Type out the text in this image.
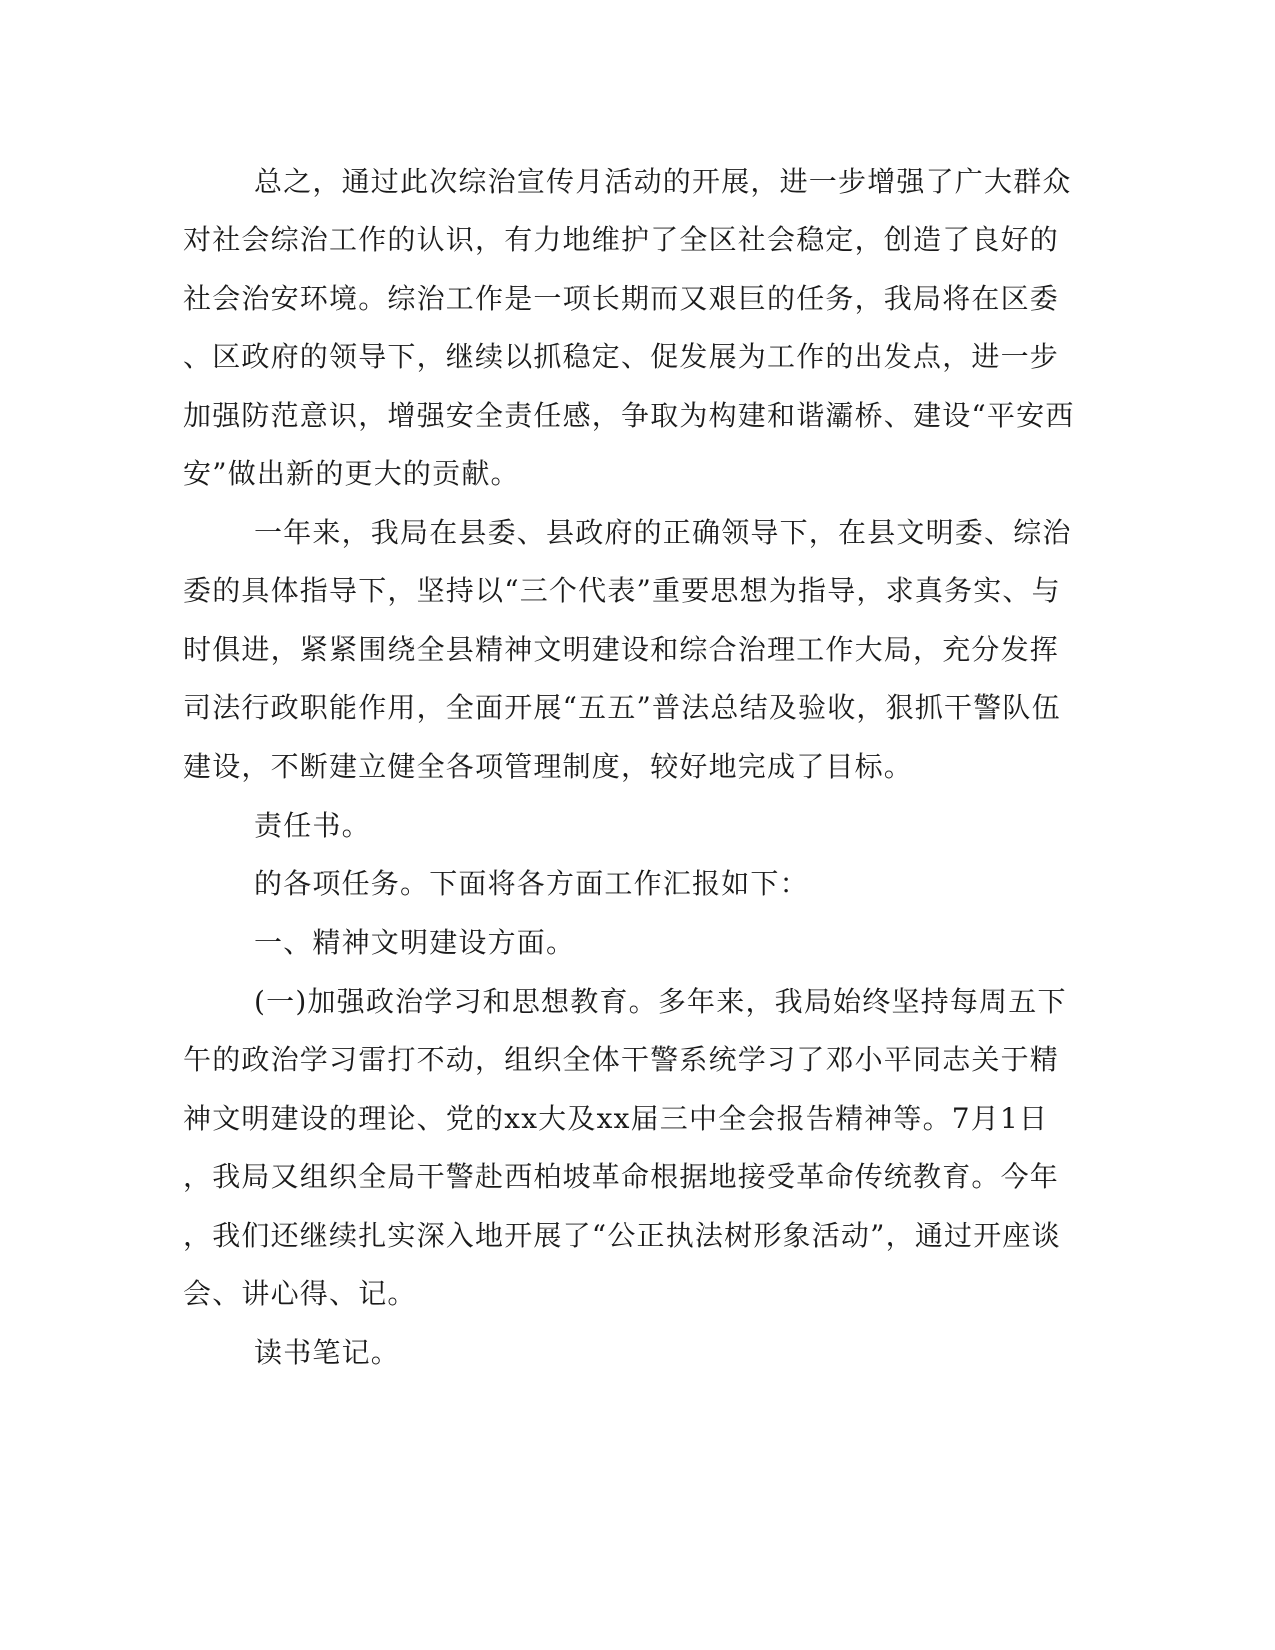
总之，通过此次综治宣传月活动的开展，进一步增强了广大群众
对社会综治工作的认识，有力地维护了全区社会稳定，创造了良好的
社会治安环境。综治工作是一项长期而又艰巨的任务，我局将在区委
、区政府的领导下，继续以抓稳定、促发展为工作的出发点，进一步
加强防范意识，增强安全责任感，争取为构建和谐灞桥、建设“平安西
安”做出新的更大的贡献。
一年来，我局在县委、县政府的正确领导下，在县文明委、综治
委的具体指导下，坚持以“三个代表”重要思想为指导，求真务实、与
时俱进，紧紧围绕全县精神文明建设和综合治理工作大局，充分发挥
司法行政职能作用，全面开展“五五”普法总结及验收，狠抓干警队伍
建设，不断建立健全各项管理制度，较好地完成了目标。
责任书。
的各项任务。下面将各方面工作汇报如下：
一、精神文明建设方面。
(一)加强政治学习和思想教育。多年来，我局始终坚持每周五下
午的政治学习雷打不动，组织全体干警系统学习了邓小平同志关于精
神文明建设的理论、党的xx大及xx届三中全会报告精神等。7月1日
，我局又组织全局干警赴西柏坡革命根据地接受革命传统教育。今年
，我们还继续扎实深入地开展了“公正执法树形象活动”，通过开座谈
会、讲心得、记。
读书笔记。
